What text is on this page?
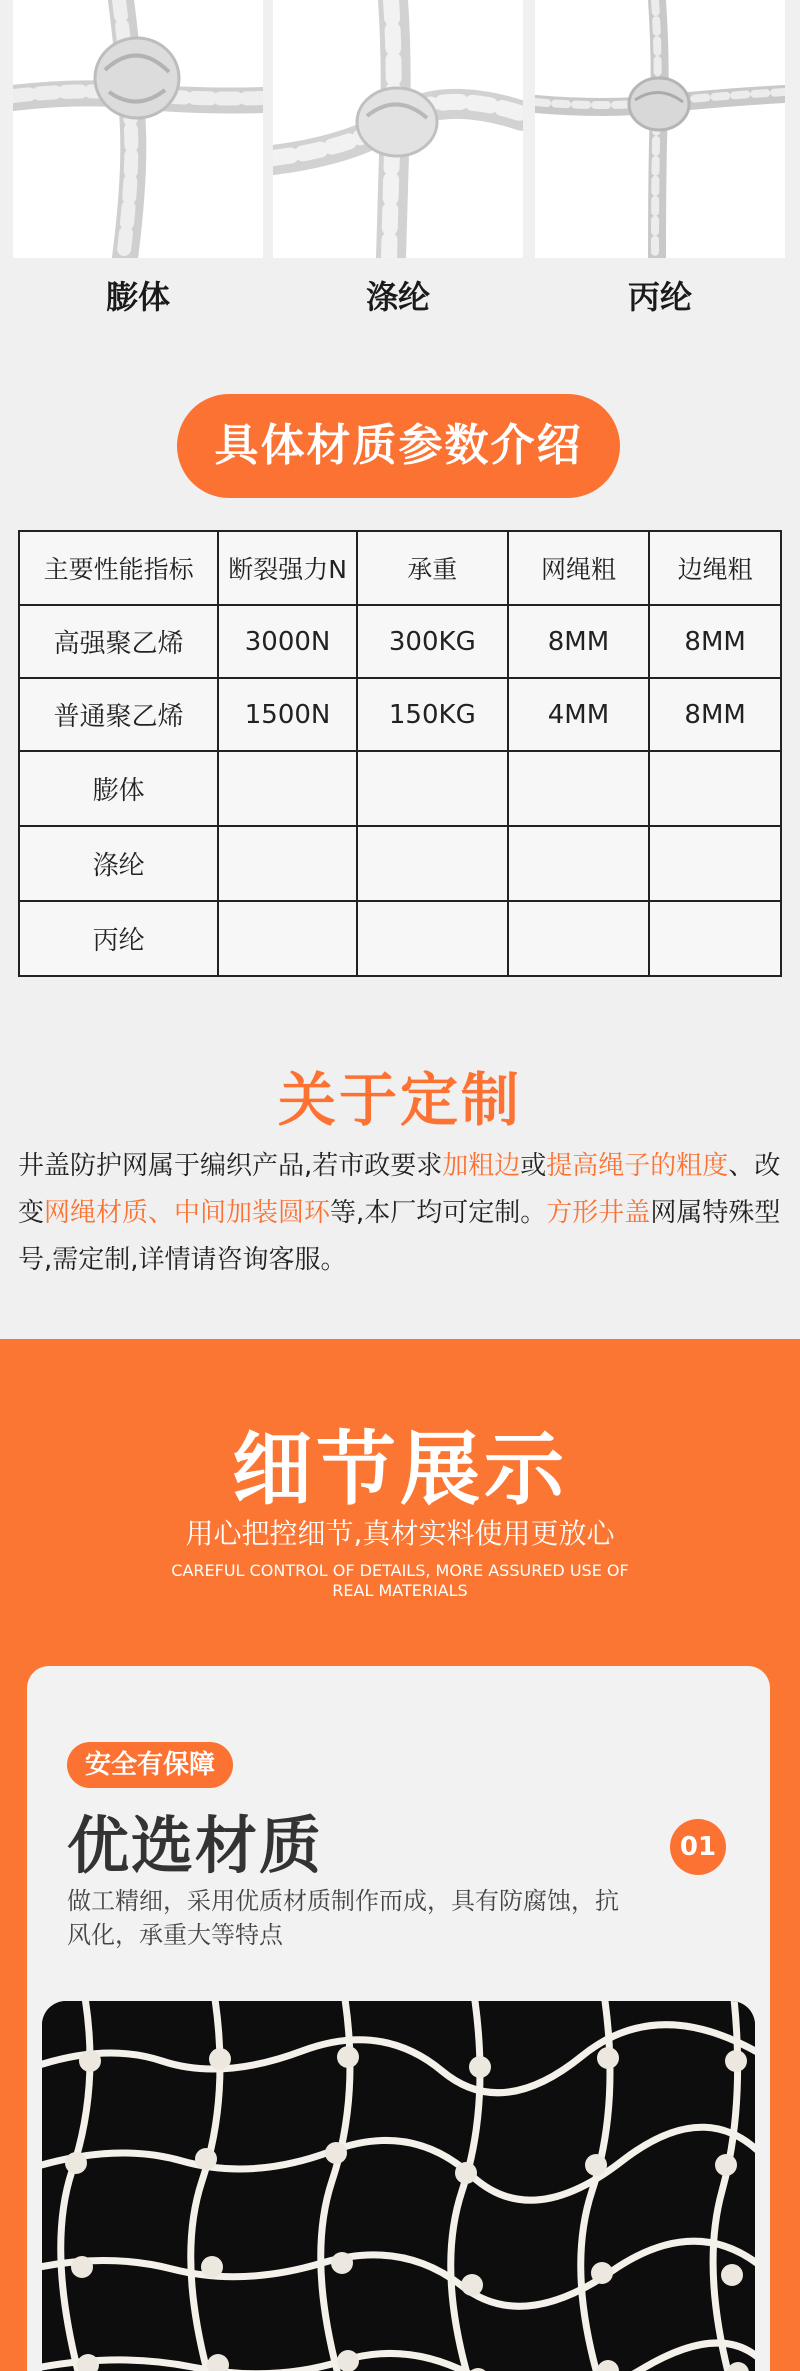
膨体	涤纶	丙纶
具体材质参数介绍
主要性能指标	断裂强力N	承重	网绳粗	边绳粗
高强聚乙烯	3000N	300KG	8MM	8MM
普通聚乙烯	1500N	150KG	4MM	8MM
膨体				
涤纶				
丙纶				
关于定制

井盖防护网属于编织产品,若市政要求加粗边或提高绳子的粗度、改变网绳材质、中间加装圆环等,本厂均可定制。方形井盖网属特殊型号,需定制,详情请咨询客服。

细节展示
用心把控细节,真材实料使用更放心
CAREFUL CONTROL OF DETAILS, MORE ASSURED USE OF REAL MATERIALS
安全有保障
优选材质	01
做工精细，采用优质材质制作而成，具有防腐蚀，抗风化，承重大等特点
